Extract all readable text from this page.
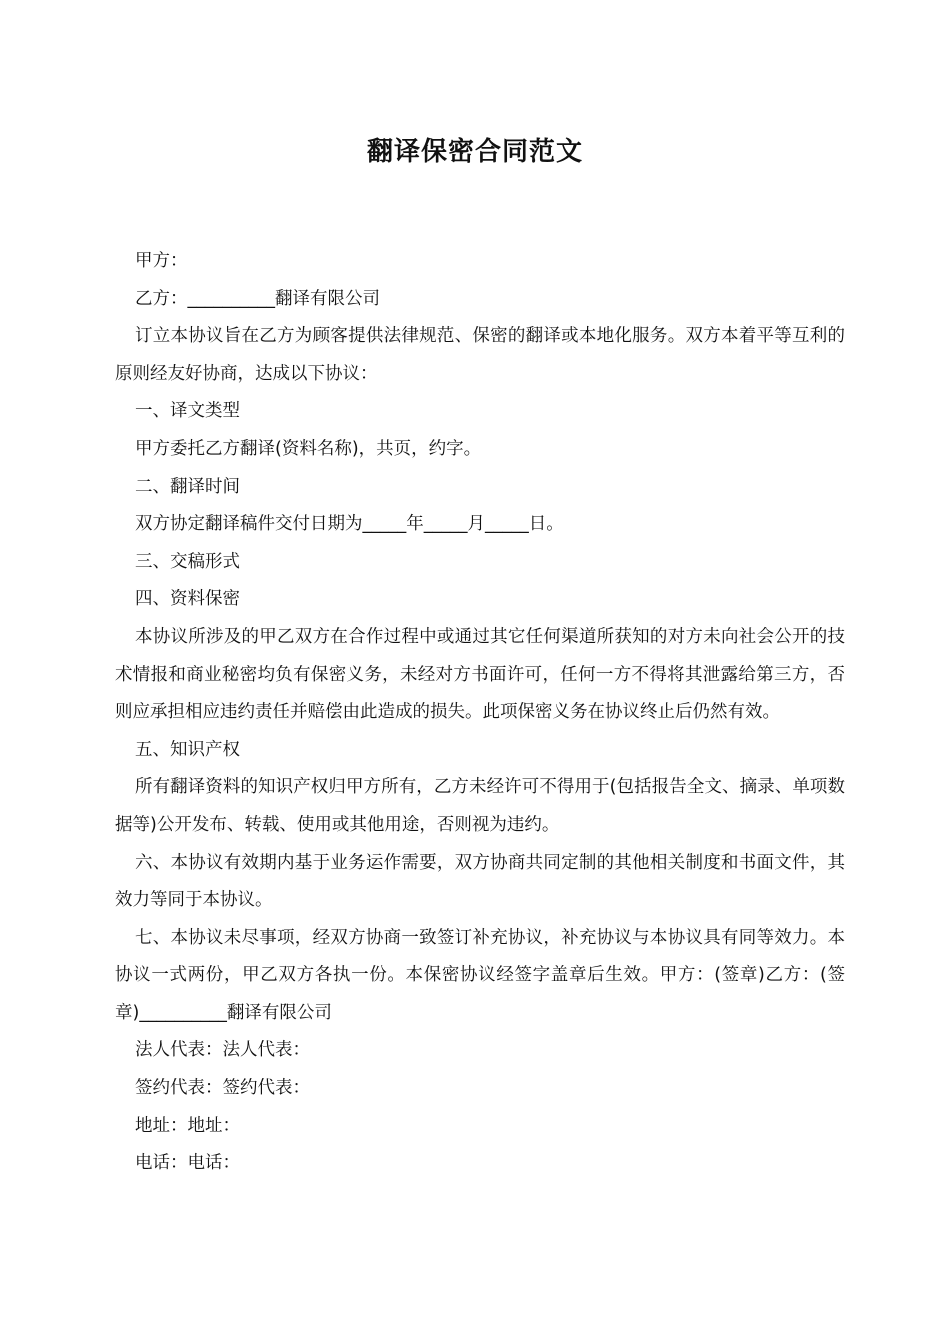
翻译保密合同范文

甲方：

乙方：__________翻译有限公司

订立本协议旨在乙方为顾客提供法律规范、保密的翻译或本地化服务。双方本着平等互利的原则经友好协商，达成以下协议：

一、译文类型

甲方委托乙方翻译(资料名称)，共页，约字。

二、翻译时间

双方协定翻译稿件交付日期为_____年_____月_____日。

三、交稿形式

四、资料保密

本协议所涉及的甲乙双方在合作过程中或通过其它任何渠道所获知的对方未向社会公开的技术情报和商业秘密均负有保密义务，未经对方书面许可，任何一方不得将其泄露给第三方，否则应承担相应违约责任并赔偿由此造成的损失。此项保密义务在协议终止后仍然有效。

五、知识产权

所有翻译资料的知识产权归甲方所有，乙方未经许可不得用于(包括报告全文、摘录、单项数据等)公开发布、转载、使用或其他用途，否则视为违约。

六、本协议有效期内基于业务运作需要，双方协商共同定制的其他相关制度和书面文件，其效力等同于本协议。

七、本协议未尽事项，经双方协商一致签订补充协议，补充协议与本协议具有同等效力。本协议一式两份，甲乙双方各执一份。本保密协议经签字盖章后生效。甲方：(签章)乙方：(签章)__________翻译有限公司

法人代表：法人代表：

签约代表：签约代表：

地址：地址：

电话：电话：
